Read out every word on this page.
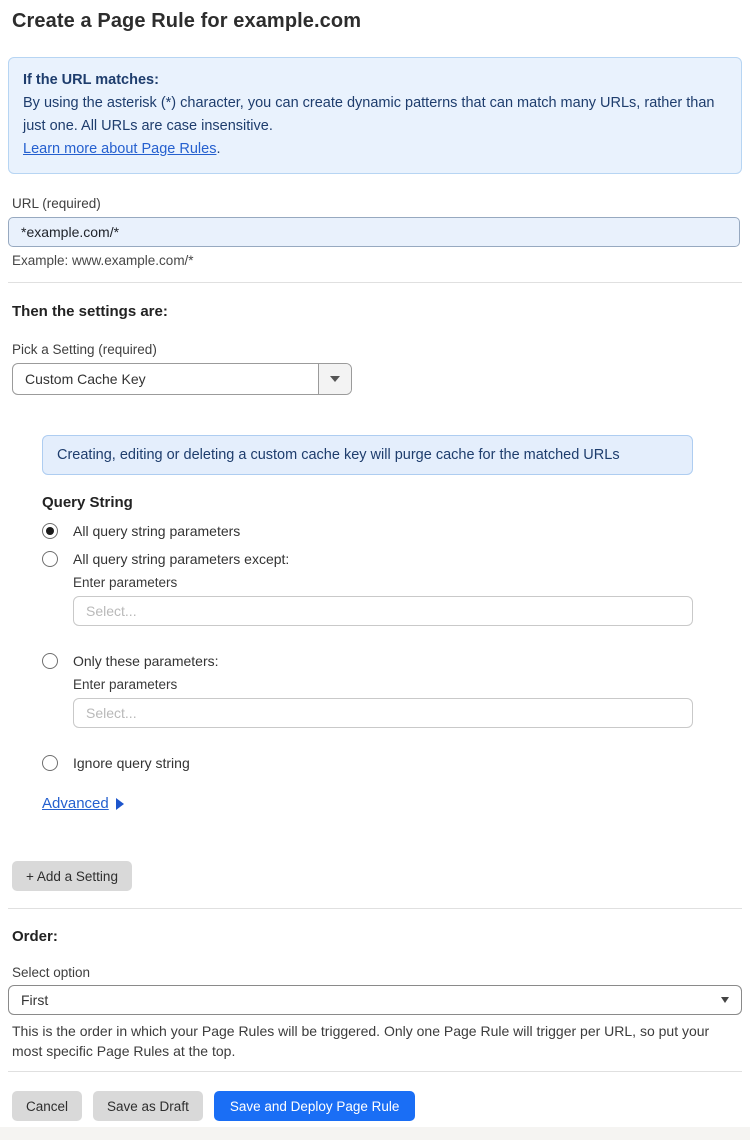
Create a Page Rule for example.com
If the URL matches:
By using the asterisk (*) character, you can create dynamic patterns that can match many URLs, rather than just one. All URLs are case insensitive.
Learn more about Page Rules.
URL (required)
*example.com/*
Example: www.example.com/*
Then the settings are:
Pick a Setting (required)
Custom Cache Key
Creating, editing or deleting a custom cache key will purge cache for the matched URLs
Query String
All query string parameters
All query string parameters except:
Enter parameters
Select...
Only these parameters:
Enter parameters
Select...
Ignore query string
Advanced
+ Add a Setting
Order:
Select option
First

This is the order in which your Page Rules will be triggered. Only one Page Rule will trigger per URL, so put your most specific Page Rules at the top.

Cancel	Save as Draft	Save and Deploy Page Rule
